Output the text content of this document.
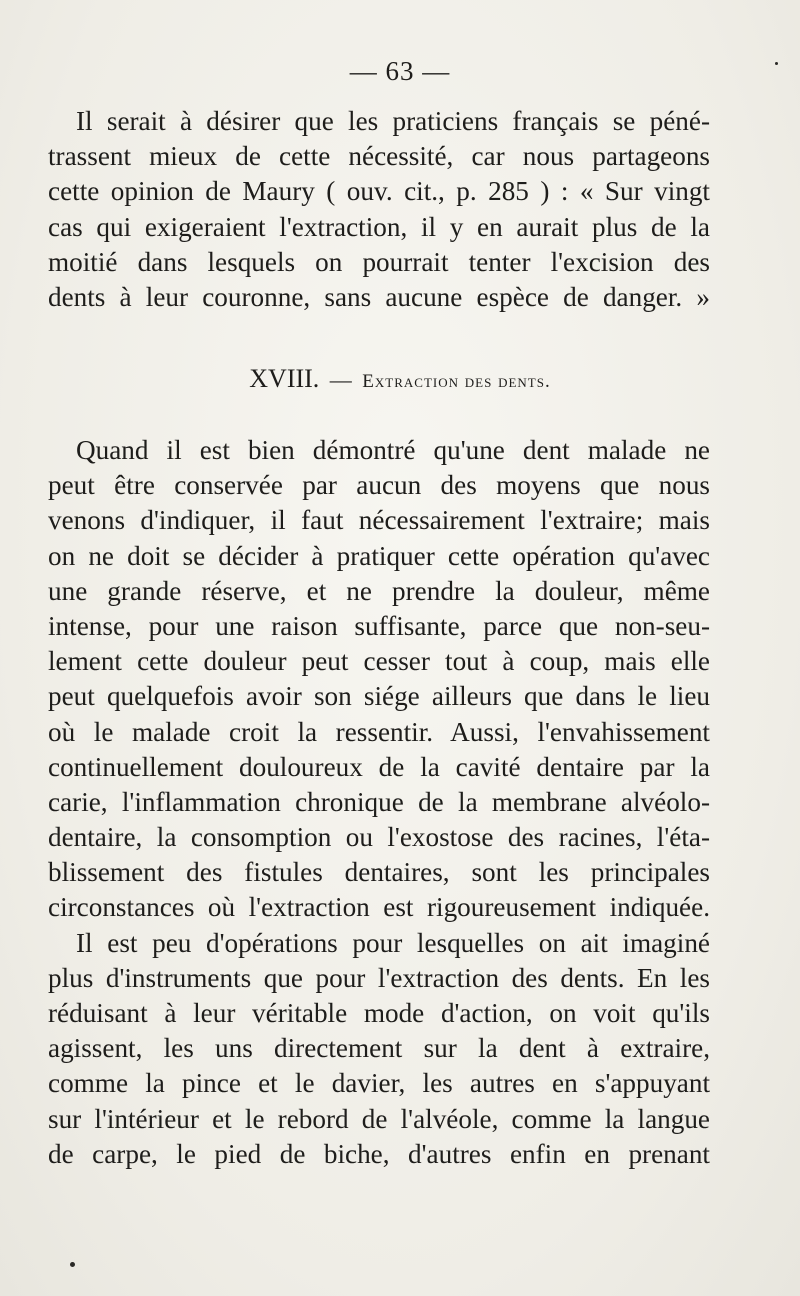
— 63 —
Il serait à désirer que les praticiens français se péné-
trassent mieux de cette nécessité, car nous partageons
cette opinion de Maury ( ouv. cit., p. 285 ) : « Sur vingt
cas qui exigeraient l'extraction, il y en aurait plus de la
moitié dans lesquels on pourrait tenter l'excision des
dents à leur couronne, sans aucune espèce de danger. »
XVIII. — Extraction des dents.
Quand il est bien démontré qu'une dent malade ne
peut être conservée par aucun des moyens que nous
venons d'indiquer, il faut nécessairement l'extraire; mais
on ne doit se décider à pratiquer cette opération qu'avec
une grande réserve, et ne prendre la douleur, même
intense, pour une raison suffisante, parce que non-seu-
lement cette douleur peut cesser tout à coup, mais elle
peut quelquefois avoir son siége ailleurs que dans le lieu
où le malade croit la ressentir. Aussi, l'envahissement
continuellement douloureux de la cavité dentaire par la
carie, l'inflammation chronique de la membrane alvéolo-
dentaire, la consomption ou l'exostose des racines, l'éta-
blissement des fistules dentaires, sont les principales
circonstances où l'extraction est rigoureusement indiquée.
Il est peu d'opérations pour lesquelles on ait imaginé
plus d'instruments que pour l'extraction des dents. En les
réduisant à leur véritable mode d'action, on voit qu'ils
agissent, les uns directement sur la dent à extraire,
comme la pince et le davier, les autres en s'appuyant
sur l'intérieur et le rebord de l'alvéole, comme la langue
de carpe, le pied de biche, d'autres enfin en prenant
